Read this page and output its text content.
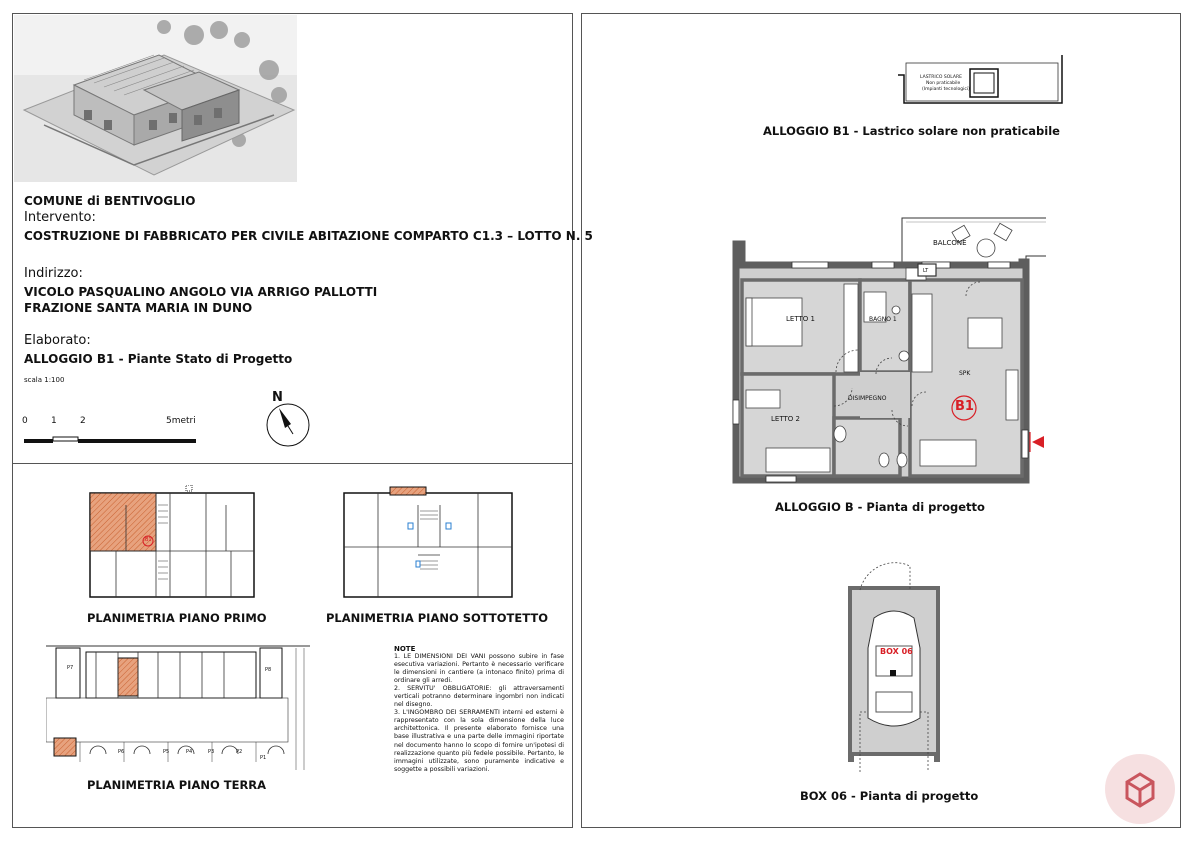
COMUNE di BENTIVOGLIO
Intervento:
COSTRUZIONE DI FABBRICATO PER CIVILE ABITAZIONE COMPARTO C1.3 – LOTTO N. 5
Indirizzo:
VICOLO PASQUALINO ANGOLO VIA ARRIGO PALLOTTI
FRAZIONE SANTA MARIA IN DUNO
Elaborato:
ALLOGGIO B1 - Piante Stato di Progetto
scala 1:100
0	1	2	5metri
N
B1
PLANIMETRIA PIANO PRIMO	PLANIMETRIA PIANO SOTTOTETTO
P7
P6	P5	P4	P3	P2
P1
P8
PLANIMETRIA PIANO TERRA
NOTE
1. LE DIMENSIONI DEI VANI possono subire in fase esecutiva variazioni. Pertanto è necessario verificare le dimensioni in cantiere (a intonaco finito) prima di ordinare gli arredi.
2. SERVITU' OBBLIGATORIE: gli attraversamenti verticali potranno determinare ingombri non indicati nel disegno.
3. L'INGOMBRO DEI SERRAMENTI interni ed esterni è rappresentato con la sola dimensione della luce architettonica. Il presente elaborato fornisce una base illustrativa e una parte delle immagini riportate nel documento hanno lo scopo di fornire un'ipotesi di realizzazione quanto più fedele possibile. Pertanto, le immagini utilizzate, sono puramente indicative e soggette a possibili variazioni.
LASTRICO SOLARE
Non praticabile
(Impianti tecnologici)
ALLOGGIO B1 - Lastrico solare non praticabile
BALCONE
LT
LETTO 1	BAGNO 1
SPK
DISIMPEGNO
LETTO 2
B1
ALLOGGIO B - Pianta di progetto
BOX 06
BOX 06 - Pianta di progetto
